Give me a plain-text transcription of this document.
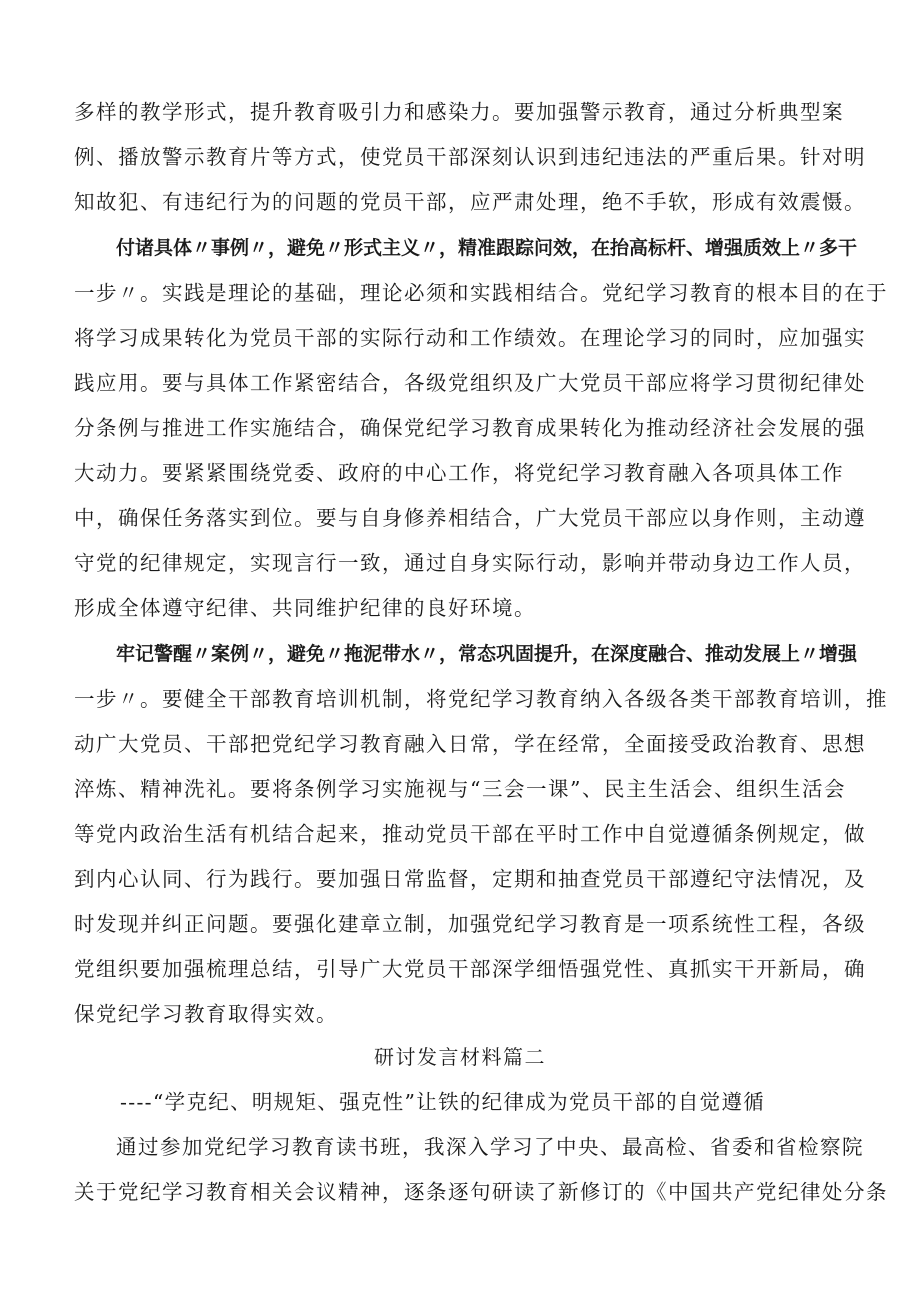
多样的教学形式，提升教育吸引力和感染力。要加强警示教育，通过分析典型案
例、播放警示教育片等方式，使党员干部深刻认识到违纪违法的严重后果。针对明
知故犯、有违纪行为的问题的党员干部，应严肃处理，绝不手软，形成有效震慑。
付诸具体〃事例〃，避免〃形式主义〃，精准跟踪问效，在抬高标杆、增强质效上〃多干
一步〃。实践是理论的基础，理论必须和实践相结合。党纪学习教育的根本目的在于
将学习成果转化为党员干部的实际行动和工作绩效。在理论学习的同时，应加强实
践应用。要与具体工作紧密结合，各级党组织及广大党员干部应将学习贯彻纪律处
分条例与推进工作实施结合，确保党纪学习教育成果转化为推动经济社会发展的强
大动力。要紧紧围绕党委、政府的中心工作，将党纪学习教育融入各项具体工作
中，确保任务落实到位。要与自身修养相结合，广大党员干部应以身作则，主动遵
守党的纪律规定，实现言行一致，通过自身实际行动，影响并带动身边工作人员，
形成全体遵守纪律、共同维护纪律的良好环境。
牢记警醒〃案例〃，避免〃拖泥带水〃，常态巩固提升，在深度融合、推动发展上〃增强
一步〃。要健全干部教育培训机制，将党纪学习教育纳入各级各类干部教育培训，推
动广大党员、干部把党纪学习教育融入日常，学在经常，全面接受政治教育、思想
淬炼、精神洗礼。要将条例学习实施视与“三会一课”、民主生活会、组织生活会
等党内政治生活有机结合起来，推动党员干部在平时工作中自觉遵循条例规定，做
到内心认同、行为践行。要加强日常监督，定期和抽查党员干部遵纪守法情况，及
时发现并纠正问题。要强化建章立制，加强党纪学习教育是一项系统性工程，各级
党组织要加强梳理总结，引导广大党员干部深学细悟强党性、真抓实干开新局，确
保党纪学习教育取得实效。
研讨发言材料篇二
----“学克纪、明规矩、强克性”让铁的纪律成为党员干部的自觉遵循
通过参加党纪学习教育读书班，我深入学习了中央、最高检、省委和省检察院
关于党纪学习教育相关会议精神，逐条逐句研读了新修订的《中国共产党纪律处分条
